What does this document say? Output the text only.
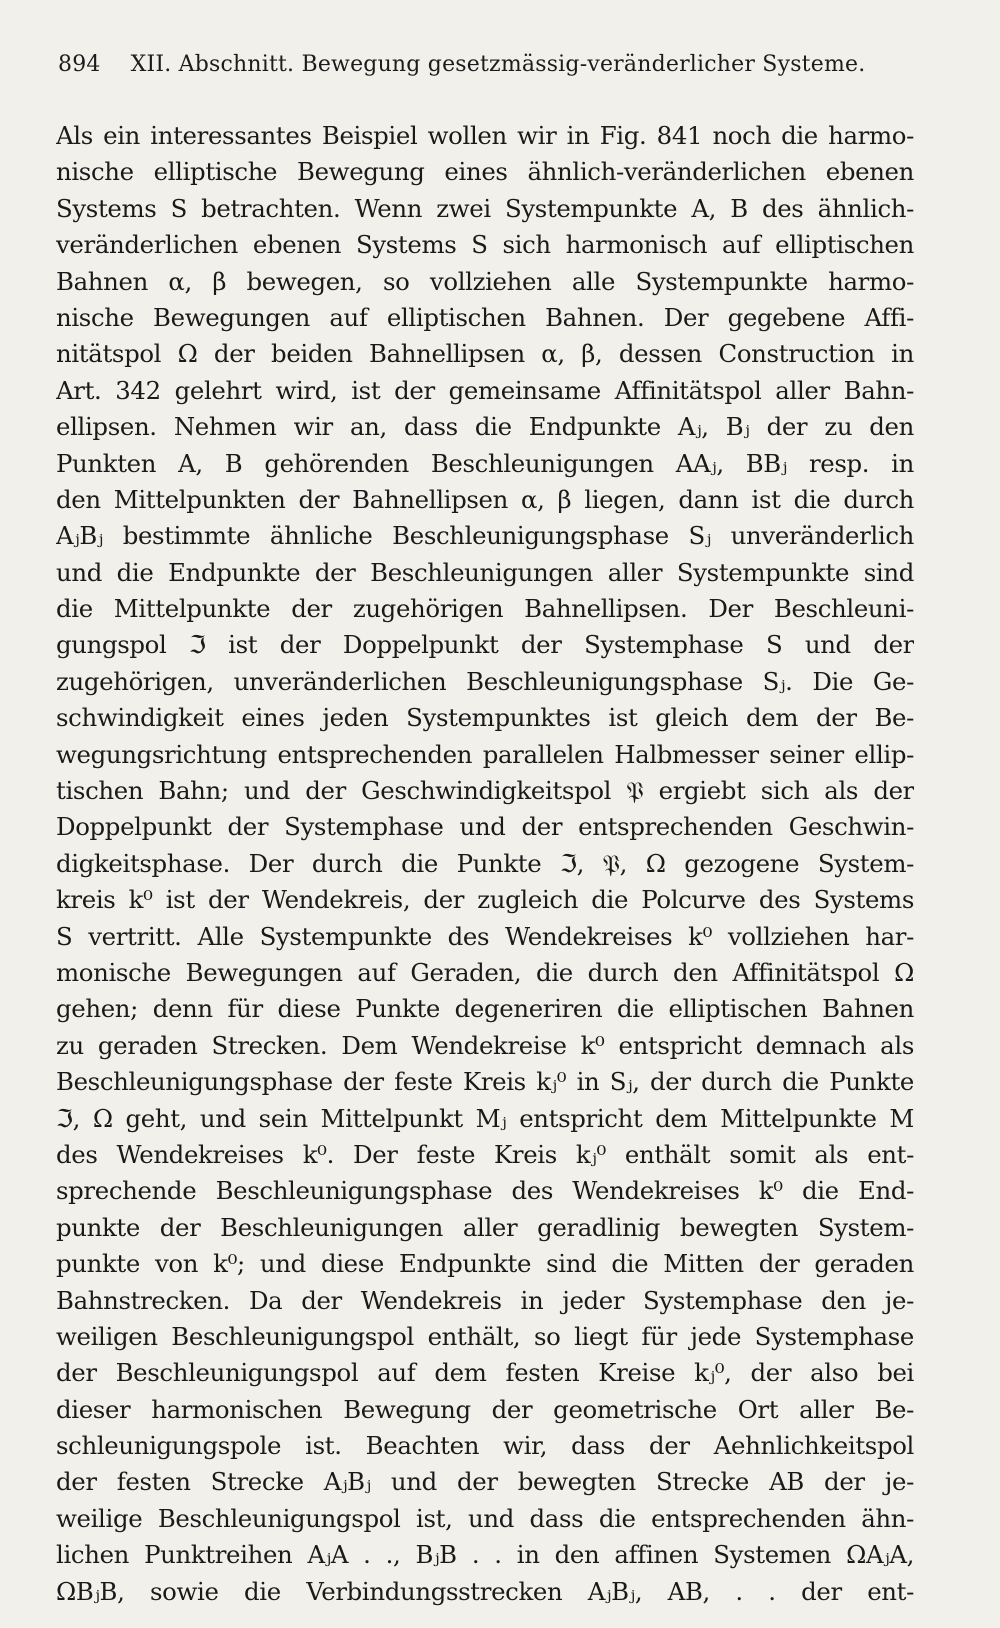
894 XII. Abschnitt. Bewegung gesetzmässig-veränderlicher Systeme.
Als ein interessantes Beispiel wollen wir in Fig. 841 noch die harmo-
nische elliptische Bewegung eines ähnlich-veränderlichen ebenen
Systems S betrachten. Wenn zwei Systempunkte A, B des ähnlich-
veränderlichen ebenen Systems S sich harmonisch auf elliptischen
Bahnen α, β bewegen, so vollziehen alle Systempunkte harmo-
nische Bewegungen auf elliptischen Bahnen. Der gegebene Affi-
nitätspol Ω der beiden Bahnellipsen α, β, dessen Construction in
Art. 342 gelehrt wird, ist der gemeinsame Affinitätspol aller Bahn-
ellipsen. Nehmen wir an, dass die Endpunkte Aⱼ, Bⱼ der zu den
Punkten A, B gehörenden Beschleunigungen AAⱼ, BBⱼ resp. in
den Mittelpunkten der Bahnellipsen α, β liegen, dann ist die durch
AⱼBⱼ bestimmte ähnliche Beschleunigungsphase Sⱼ unveränderlich
und die Endpunkte der Beschleunigungen aller Systempunkte sind
die Mittelpunkte der zugehörigen Bahnellipsen. Der Beschleuni-
gungspol ℑ ist der Doppelpunkt der Systemphase S und der
zugehörigen, unveränderlichen Beschleunigungsphase Sⱼ. Die Ge-
schwindigkeit eines jeden Systempunktes ist gleich dem der Be-
wegungsrichtung entsprechenden parallelen Halbmesser seiner ellip-
tischen Bahn; und der Geschwindigkeitspol 𝔓 ergiebt sich als der
Doppelpunkt der Systemphase und der entsprechenden Geschwin-
digkeitsphase. Der durch die Punkte ℑ, 𝔓, Ω gezogene System-
kreis k⁰ ist der Wendekreis, der zugleich die Polcurve des Systems
S vertritt. Alle Systempunkte des Wendekreises k⁰ vollziehen har-
monische Bewegungen auf Geraden, die durch den Affinitätspol Ω
gehen; denn für diese Punkte degeneriren die elliptischen Bahnen
zu geraden Strecken. Dem Wendekreise k⁰ entspricht demnach als
Beschleunigungsphase der feste Kreis kⱼ⁰ in Sⱼ, der durch die Punkte
ℑ, Ω geht, und sein Mittelpunkt Mⱼ entspricht dem Mittelpunkte M
des Wendekreises k⁰. Der feste Kreis kⱼ⁰ enthält somit als ent-
sprechende Beschleunigungsphase des Wendekreises k⁰ die End-
punkte der Beschleunigungen aller geradlinig bewegten System-
punkte von k⁰; und diese Endpunkte sind die Mitten der geraden
Bahnstrecken. Da der Wendekreis in jeder Systemphase den je-
weiligen Beschleunigungspol enthält, so liegt für jede Systemphase
der Beschleunigungspol auf dem festen Kreise kⱼ⁰, der also bei
dieser harmonischen Bewegung der geometrische Ort aller Be-
schleunigungspole ist. Beachten wir, dass der Aehnlichkeitspol
der festen Strecke AⱼBⱼ und der bewegten Strecke AB der je-
weilige Beschleunigungspol ist, und dass die entsprechenden ähn-
lichen Punktreihen AⱼA . ., BⱼB . . in den affinen Systemen ΩAⱼA,
ΩBⱼB, sowie die Verbindungsstrecken AⱼBⱼ, AB, . . der ent-
